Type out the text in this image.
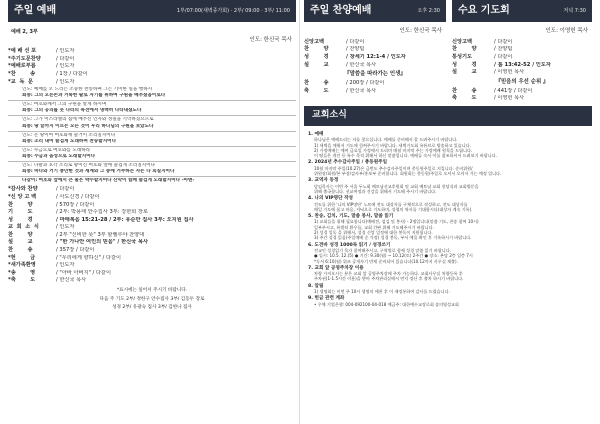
주일 예배	1부/07:00(새벽종가회) · 2부/ 09:00 · 3부/ 11:00
예배 2, 3부
인도: 한신국 목사
*예 배 선 포	/ 인도자
*주기도문찬양	/ 다같이
*예배로부름	/ 인도자
*찬        송	/ 1장 / 다같이
*교  독  문	/ 인도자
인도: 예배를 오 드리는 소중한 찬송하며 그는 기이한 일을 행하시
회중: 그의 오른손과 거룩한 팔로 자기를 위하여 구원을 베푸셨음이로다
인도: 여호와께서 그의 구원을 알게 하시며
회중: 그의 공의를 뭇 나라의 목전에서 명백히 나타내셨도다
인도: 그가 이스라엘의 집에 베푸신 인자와 성실을 기억하셨으므로
회중: 땅 끝까지 이르는 모든 것이 우리 하나님의 구원을 보았도다
인도: 온 땅이여 여호와께 즐거이 소리칠지어다
회중: 소리 내어 즐겁게 노래하며 찬송할지어다
인도: 수금으로 여호와를 노래하라
회중: 수금과 음성으로 노래할지어다
인도: 나팔과 호각 소리로 왕이신 여호와 앞에 즐겁게 소리칠지어다
회중: 바다와 거기 충만한 것과 세계와 그 중에 거주하는 자는 다 외칠지어다
다같이: 여호와 앞에서 큰 물은 박수할지어다 산악이 함께 즐겁게 노래할지어다 -아멘-
*감사와 찬양	/ 다같이
*신 앙 고 백	/ 사도신경 / 다같이
찬        양	/ 570장 / 다같이
기        도	/ 2부: 박용태 안수집사 3부: 강한희 장로
성        경	/ 마태복음 15:21-28 / 2부: 유순만 집사 3부: 오지원 집사
교  회  소  식	/ 인도자
찬        양	/ 2부 "신비한 뜻" 3부 할렐루야 찬양대
설        교	/ "한 가나안 여인의 믿음" / 한신국 목사
찬        송	/ 357장 / 다같이
*헌        금	/ "우리에게 향하신" / 다같이
*새가족환영	/ 인도자
*송        영	/ "아바 아버지" / 다같이
*축        도	/ 한신국 목사
*표시에는 일어서 주시기 바랍니다.
다음 주 기도 2부/ 정한구 안수집사 3부/ 김동두 장로
성경 2부/ 유광숙 집사 3부/ 김한나 집사
주일 찬양예배	오후 2:30
인도: 한신국 목사
신앙고백	/ 다같이
찬        양	/ 찬양팀
성        경	/ 창세기 12:1-4 / 인도자
설        교	/ 한신국 목사
『말씀을 따라가는 인생』
찬        송	/ 200장 / 다같이
축        도	/ 한신국 목사
수요 기도회	저녁 7:30
인도: 이영헌 목사
신앙고백	/ 다같이
찬        양	/ 찬양팀
통성기도	/ 다같이
성        경	/ 롬 13:42-52 / 인도자
설        교	/ 이영헌 목사
『믿음의 우선 순위 』
찬        송	/ 441장 / 다같이
축        도	/ 이영헌 목사
교회소식
1. 예배
하나님은 예배드리는 자를 찾으십니다. 예배를 준비해서 잘 드려주시기 바랍니다.
1) 새벽을 깨워서 기도에 힘써주시기 바랍니다. 새벽기도회 유튜브로 방송하고 있습니다.
2) 가정예배는 예여 금요일 가정에서 드리며 매월 마지막 주는 가정예배 원칙을 드립니다.
이 땅들은 개인 등 특수 목적 위해서 하신 말씀입니다. 예배들 숙서 이를 참조하셔서 드려보기 바랍니다.
2. 2024년 추수감사주일 / 총동원주일
10월 마지막 주일(10.27)은 금번도 추수감사주일이며 총동원주일로 지킵니다. 준비위원/
위원장/회원/본 부장/감사부/홍보부 준비합니다. 회원회는 총동원/주일로 오셔서 오셔서 가는 예정 입니다.
3. 교역자 동정
담임목사는 이번 주 서울 두노회 베트남선교후원회 및 교회 베트남 교회 헌당식과 교회방문을
위해 출국합니다. 선교여정과 건강을 위해서 기도해 주시기 바랍니다.
4. 나의 VIP명단 작성
전도를 위한 '나의 VIP명단' 노트에 전도 대상자를 구체적으로 작성하고, 전도 대상자를
매일 기도에 품고 마음, 저녁으로 기도하며, 성령의 역사를 기대합시다(대상자 계속 기록).
5. 찬송, 김치, 기도, 말씀 봉사, 말씀 읽기
1) 교회들을 위해 필요합니다(예배전, 섬김 및 봉사) - 2명입니다(말씀 기도, 찬송 참여 10시)
일부주시고, 특별히 환우를, 교회 간판 위해 기도해주시기 바랍니다.
2) 성경 일독 을 위해서, 성경 신앙 일정에 대한 봉독이 지원됩니다.
3) 주간 성경 읽음(주일예배 순 가정) 성경 봉독, 부서 예물 확인 후 기록하시기 바랍니다.
6. 도전바 성경 1000독 읽기 / 성경쓰기
전교인 성경읽기 목자 참여해주시고, 구역별로 함께 성경 말씀 읽기 바랍니다.
● 일시: 10.5. 12.(5) ● 기간: 9.30(월) ~ 10.12(토) 2주간 ● 장소: 본당 2층 일층 7시
*독서 6:10(월) 위즈 공개자기 반제 준비되어 있습니다(10.12까지 사무실 제출).
7. 교회 앞 공영주차장 이용
차량 가져오시는 분은 교회 앞 공영주차장에 주차 가능하다. 교회사무실 차량등록 후
주차권(1-1.5시간 이용)을 받아 주차관리실에서 먼저 정산 후 출차 하시기 바랍니다.
8. 알림
1) 생명회는 이번 주 10시 생명의 애찬 후 이 재정통하여 감사를 드렸습니다.
9. 헌금 관련 계좌
• 우체 기업은행: 004-092100-04-018 예금주: 대한예수교장로회 송의영성교회
